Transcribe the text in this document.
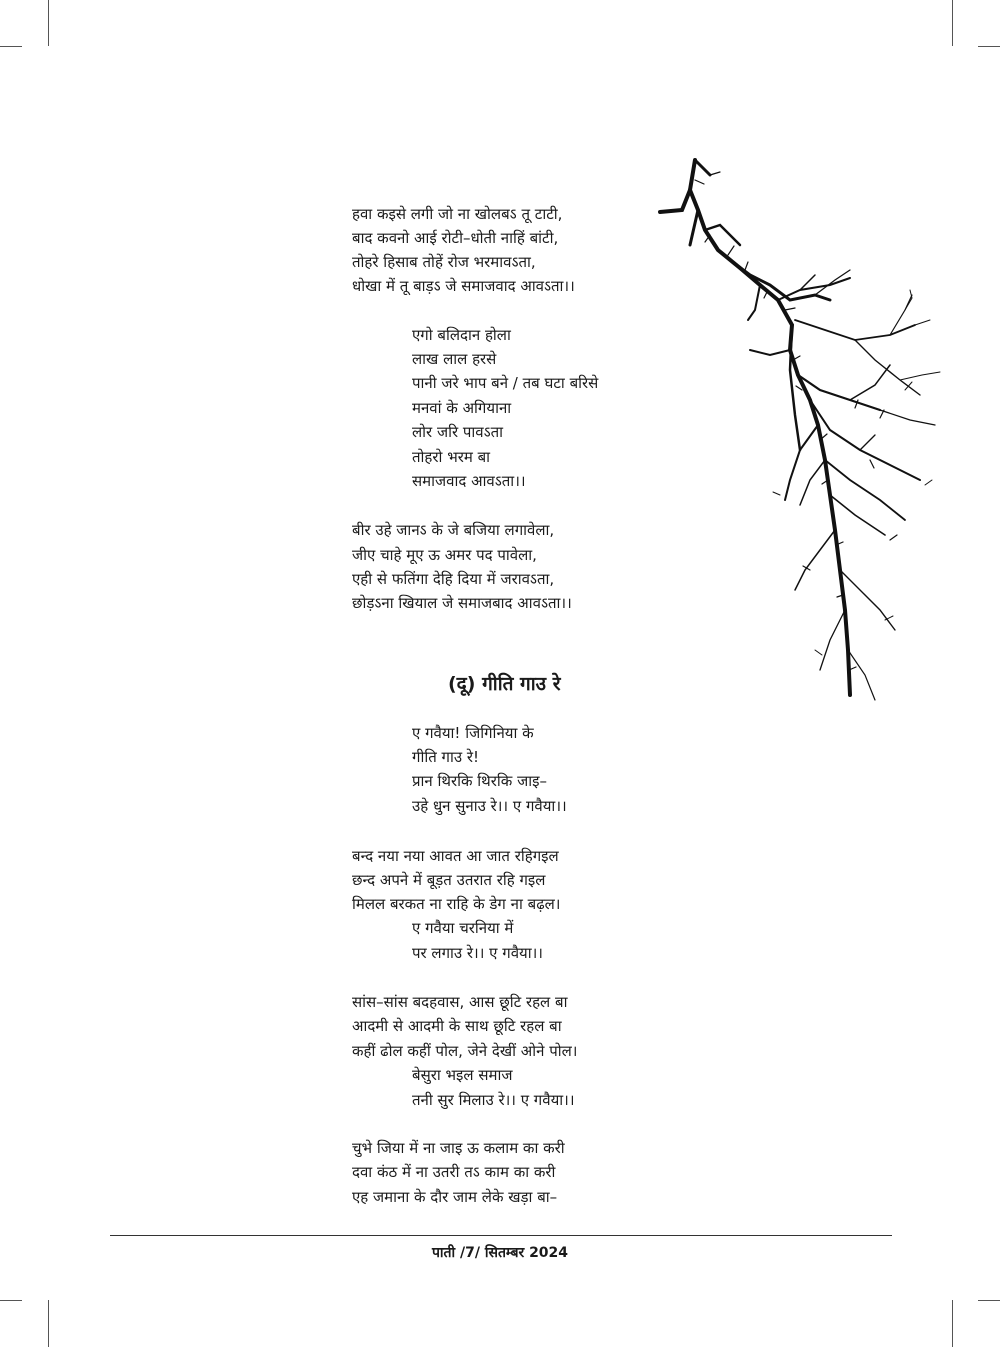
हवा कइसे लगी जो ना खोलबऽ तू टाटी,
बाद कवनो आई रोटी–धोती नाहिं बांटी,
तोहरे हिसाब तोहें रोज भरमावऽता,
धोखा में तू बाड़ऽ जे समाजवाद आवऽता।।
एगो बलिदान होला
लाख लाल हरसे
पानी जरे भाप बने / तब घटा बरिसे
मनवां के अगियाना
लोर जरि पावऽता
तोहरो भरम बा
समाजवाद आवऽता।।
बीर उहे जानऽ के जे बजिया लगावेला,
जीए चाहे मूए ऊ अमर पद पावेला,
एही से फतिंगा देहि दिया में जरावऽता,
छोड़ऽना खियाल जे समाजबाद आवऽता।।
(दू) गीति गाउ रे
ए गवैया! जिगिनिया के
गीति गाउ रे!
प्रान थिरकि थिरकि जाइ–
उहे धुन सुनाउ रे।। ए गवैया।।
बन्द नया नया आवत आ जात रहिगइल
छन्द अपने में बूड़त उतरात रहि गइल
मिलल बरकत ना राहि के डेग ना बढ़ल।
ए गवैया चरनिया में
पर लगाउ रे।। ए गवैया।।
सांस–सांस बदहवास, आस छूटि रहल बा
आदमी से आदमी के साथ छूटि रहल बा
कहीं ढोल कहीं पोल, जेने देखीं ओने पोल।
बेसुरा भइल समाज
तनी सुर मिलाउ रे।। ए गवैया।।
चुभे जिया में ना जाइ ऊ कलाम का करी
दवा कंठ में ना उतरी तऽ काम का करी
एह जमाना के दौर जाम लेके खड़ा बा–
पाती /7/ सितम्बर 2024
